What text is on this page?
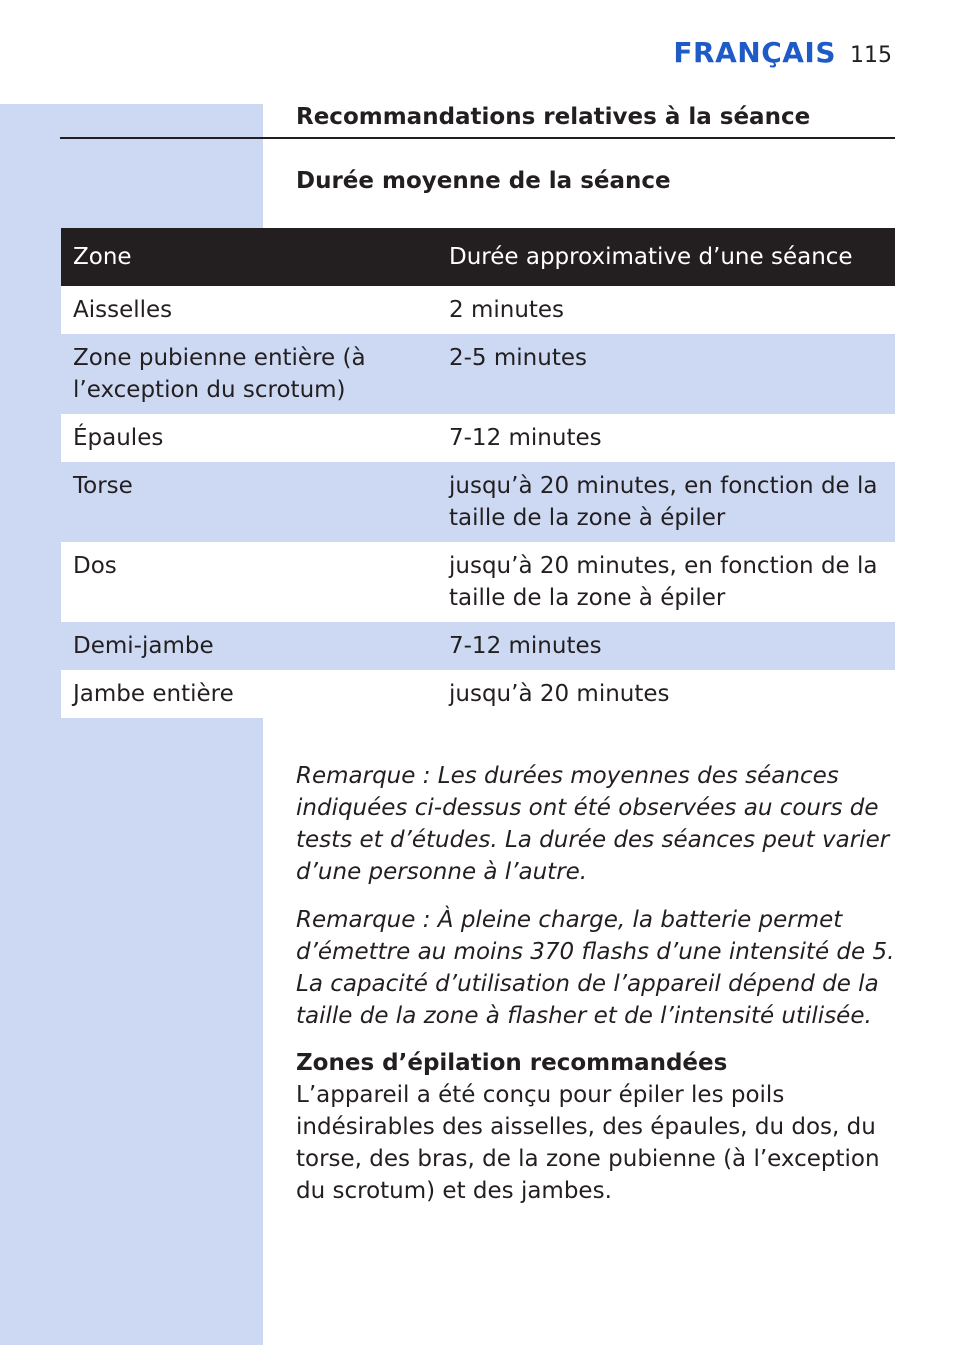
FRANÇAIS 115
Recommandations relatives à la séance
Durée moyenne de la séance
Zone	Durée approximative d’une séance
Aisselles	2 minutes
Zone pubienne entière (à l’exception du scrotum)	2-5 minutes
Épaules	7-12 minutes
Torse	jusqu’à 20 minutes, en fonction de la taille de la zone à épiler
Dos	jusqu’à 20 minutes, en fonction de la taille de la zone à épiler
Demi-jambe	7-12 minutes
Jambe entière	jusqu’à 20 minutes
Remarque : Les durées moyennes des séances indiquées ci-dessus ont été observées au cours de tests et d’études. La durée des séances peut varier d’une personne à l’autre.
Remarque : À pleine charge, la batterie permet d’émettre au moins 370 flashs d’une intensité de 5. La capacité d’utilisation de l’appareil dépend de la taille de la zone à flasher et de l’intensité utilisée.
Zones d’épilation recommandées
L’appareil a été conçu pour épiler les poils indésirables des aisselles, des épaules, du dos, du torse, des bras, de la zone pubienne (à l’exception du scrotum) et des jambes.
